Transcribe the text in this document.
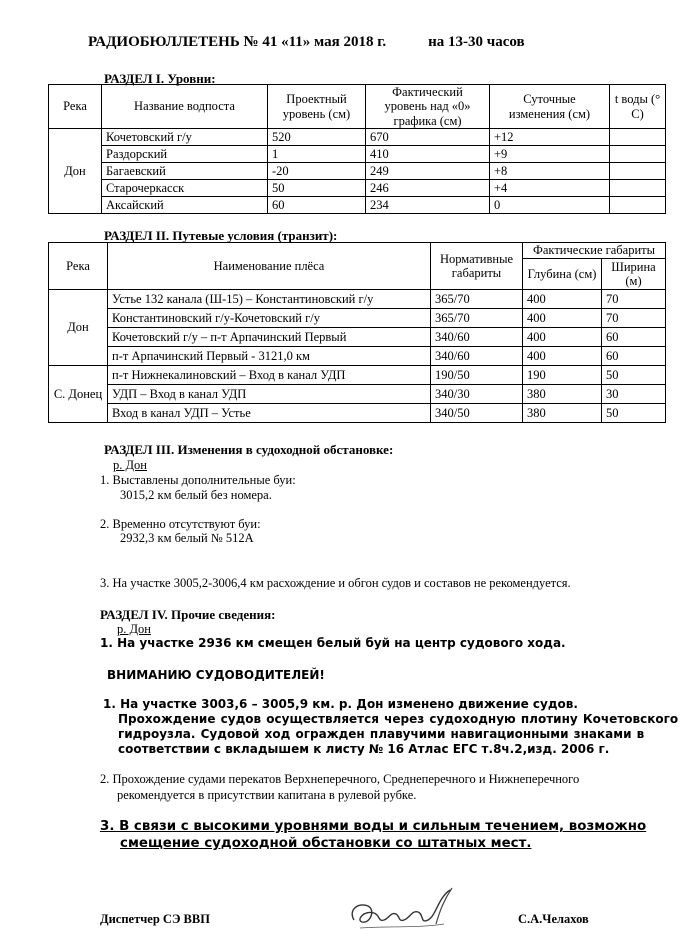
РАДИОБЮЛЛЕТЕНЬ № 41 «11» мая 2018 г.	на 13-30 часов
РАЗДЕЛ I. Уровни:
Река	Название водпоста	Проектный уровень (см)	Фактический уровень над «0» графика (см)	Суточные изменения (см)	t воды (° С)
Дон	Кочетовский г/у	520	670	+12	
	Раздорский	1	410	+9	
	Багаевский	-20	249	+8	
	Старочеркасск	50	246	+4	
	Аксайский	60	234	0	
РАЗДЕЛ II. Путевые условия (транзит):
Река	Наименование плёса	Нормативные габариты	Фактические габариты	
			Глубина (см)	Ширина (м)
Дон	Устье 132 канала (Ш-15) – Константиновский г/у	365/70	400	70
	Константиновский г/у-Кочетовский г/у	365/70	400	70
	Кочетовский г/у – п-т Арпачинский Первый	340/60	400	60
	п-т Арпачинский Первый - 3121,0 км	340/60	400	60
С. Донец	п-т Нижнекалиновский – Вход в канал УДП	190/50	190	50
	УДП – Вход в канал УДП	340/30	380	30
	Вход в канал УДП – Устье	340/50	380	50
РАЗДЕЛ III. Изменения в судоходной обстановке:
р. Дон
1. Выставлены дополнительные буи:
3015,2 км белый без номера.
2. Временно отсутствуют буи:
2932,3 км белый № 512А
3. На участке 3005,2-3006,4 км расхождение и обгон судов и составов не рекомендуется.
РАЗДЕЛ IV. Прочие сведения:
р. Дон
1. На участке 2936 км смещен белый буй на центр судового хода.
ВНИМАНИЮ СУДОВОДИТЕЛЕЙ!
1. На участке 3003,6 – 3005,9 км. р. Дон изменено движение судов.
Прохождение судов осуществляется через судоходную плотину Кочетовского
гидроузла. Судовой ход огражден плавучими навигационными знаками в
соответствии с вкладышем к листу № 16 Атлас ЕГС т.8ч.2,изд. 2006 г.
2. Прохождение судами перекатов Верхнеперечного, Среднеперечного и Нижнеперечного
рекомендуется в присутствии капитана в рулевой рубке.
3. В связи с высокими уровнями воды и сильным течением, возможно
смещение судоходной обстановки со штатных мест.
Диспетчер СЭ ВВП	С.А.Челахов
